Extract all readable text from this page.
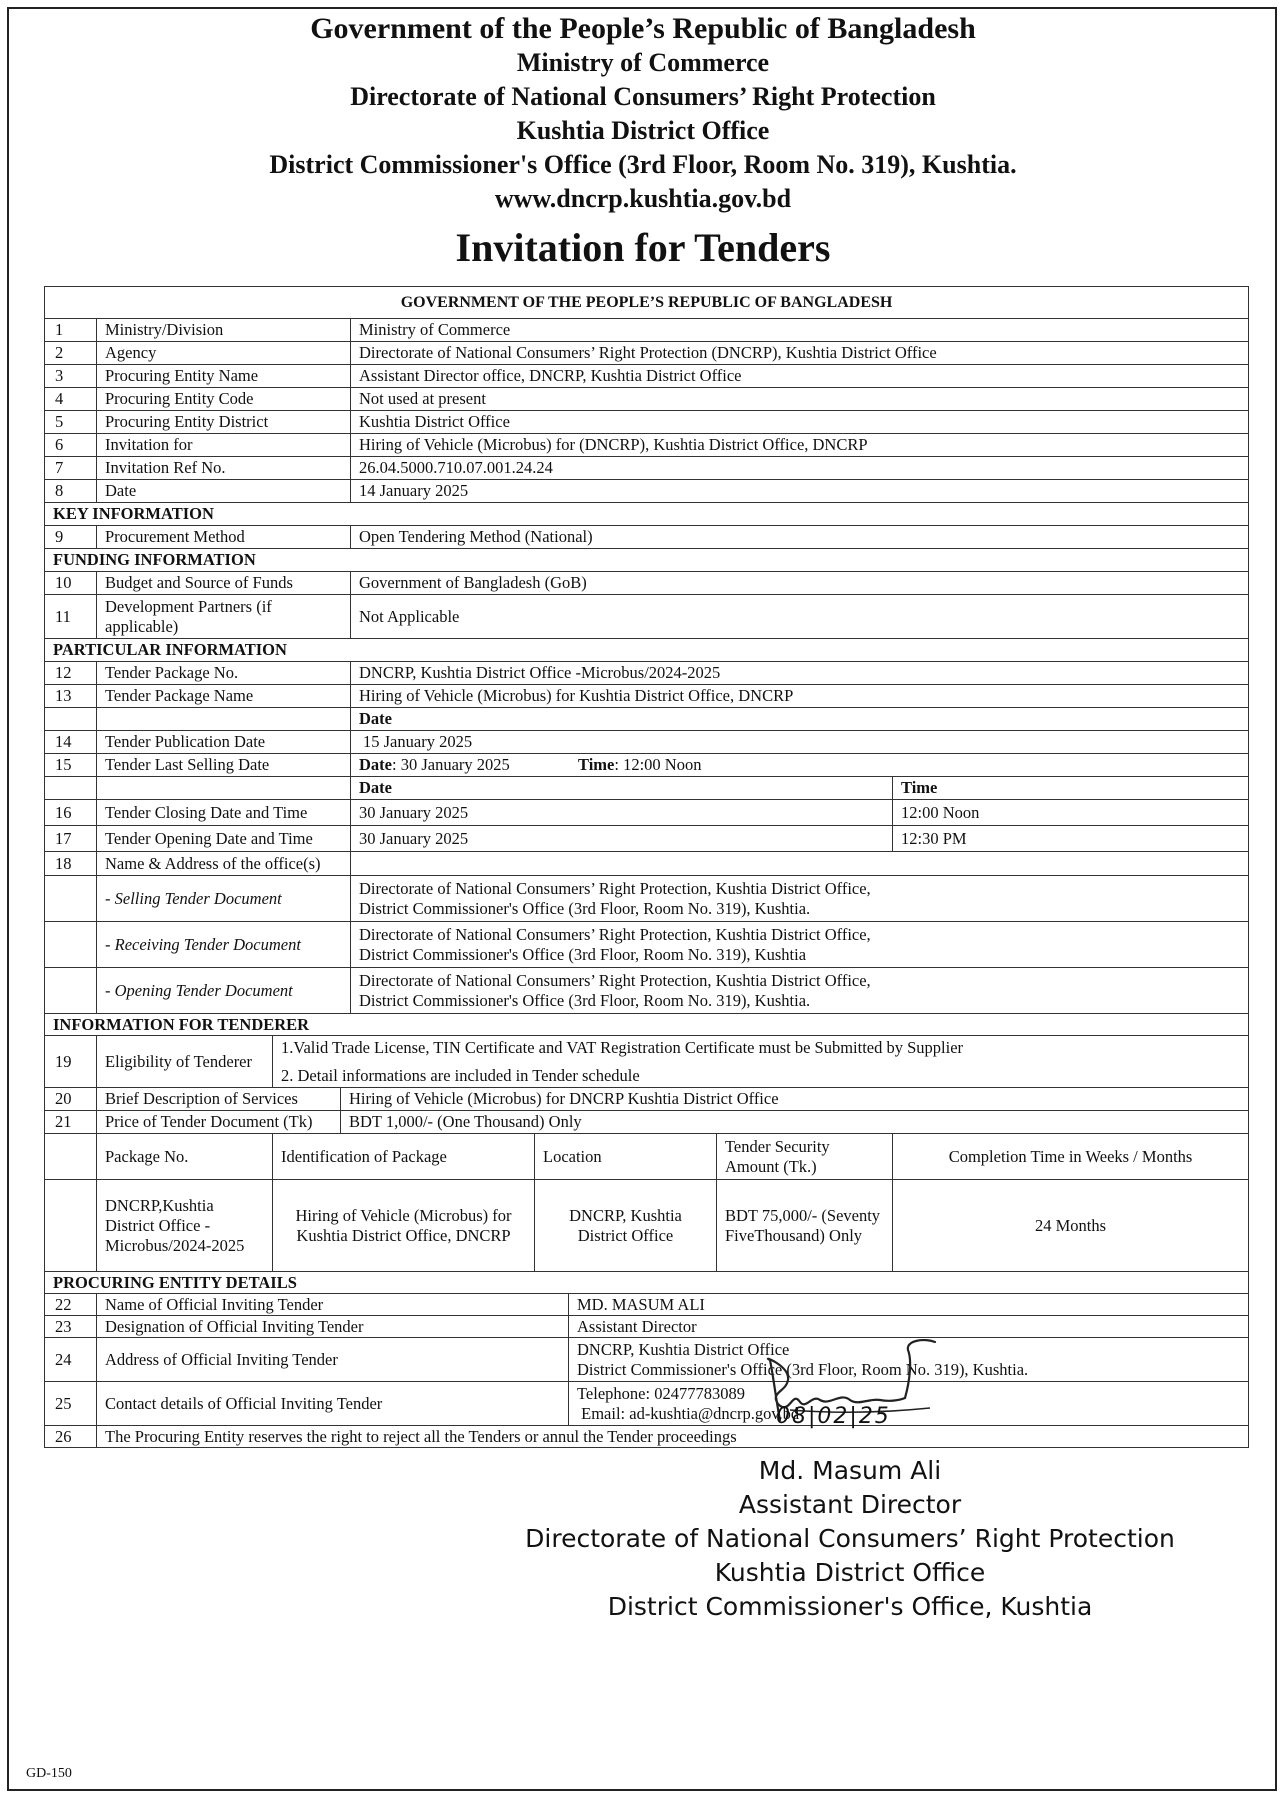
Government of the People’s Republic of Bangladesh
Ministry of Commerce
Directorate of National Consumers’ Right Protection
Kushtia District Office
District Commissioner's Office (3rd Floor, Room No. 319), Kushtia.
www.dncrp.kushtia.gov.bd
Invitation for Tenders
GOVERNMENT OF THE PEOPLE’S REPUBLIC OF BANGLADESH								
1	Ministry/Division			Ministry of Commerce				
2	Agency			Directorate of National Consumers’ Right Protection (DNCRP), Kushtia District Office				
3	Procuring Entity Name			Assistant Director office, DNCRP, Kushtia District Office				
4	Procuring Entity Code			Not used at present				
5	Procuring Entity District			Kushtia District Office				
6	Invitation for			Hiring of Vehicle (Microbus) for (DNCRP), Kushtia District Office, DNCRP				
7	Invitation Ref No.			26.04.5000.710.07.001.24.24				
8	Date			14 January 2025				
KEY INFORMATION								
9	Procurement Method			Open Tendering Method (National)				
FUNDING INFORMATION								
10	Budget and Source of Funds			Government of Bangladesh (GoB)				
11	Development Partners (if applicable)			Not Applicable				
PARTICULAR INFORMATION								
12	Tender Package No.			DNCRP, Kushtia District Office -Microbus/2024-2025				
13	Tender Package Name			Hiring of Vehicle (Microbus) for Kushtia District Office, DNCRP				
				Date				
14	Tender Publication Date			15 January 2025				
15	Tender Last Selling Date			Date: 30 January 2025 Time: 12:00 Noon				
				Date				Time
16	Tender Closing Date and Time			30 January 2025				12:00 Noon
17	Tender Opening Date and Time			30 January 2025				12:30 PM
18	Name & Address of the office(s)							
	- Selling Tender Document			Directorate of National Consumers’ Right Protection, Kushtia District Office,
District Commissioner's Office (3rd Floor, Room No. 319), Kushtia.				

	- Receiving Tender Document			Directorate of National Consumers’ Right Protection, Kushtia District Office,
District Commissioner's Office (3rd Floor, Room No. 319), Kushtia				

	- Opening Tender Document			Directorate of National Consumers’ Right Protection, Kushtia District Office,
District Commissioner's Office (3rd Floor, Room No. 319), Kushtia.				

INFORMATION FOR TENDERER								
19	Eligibility of Tenderer	1.Valid Trade License, TIN Certificate and VAT Registration Certificate must be Submitted by Supplier
2. Detail informations are included in Tender schedule						

20	Brief Description of Services		Hiring of Vehicle (Microbus) for DNCRP Kushtia District Office					
21	Price of Tender Document (Tk)		BDT 1,000/- (One Thousand) Only					
	Package No.	Identification of Package			Location		Tender Security Amount (Tk.)	Completion Time in Weeks / Months
	DNCRP,Kushtia District Office - Microbus/2024-2025	Hiring of Vehicle (Microbus) for Kushtia District Office, DNCRP			DNCRP, Kushtia District Office		BDT 75,000/- (Seventy FiveThousand) Only	24 Months
PROCURING ENTITY DETAILS								
22	Name of Official Inviting Tender					MD. MASUM ALI		
23	Designation of Official Inviting Tender					Assistant Director		
24	Address of Official Inviting Tender					DNCRP, Kushtia District Office
District Commissioner's Office (3rd Floor, Room No. 319), Kushtia.		

25	Contact details of Official Inviting Tender					Telephone: 02477783089
Email: ad-kushtia@dncrp.gov.bd		

26	The Procuring Entity reserves the right to reject all the Tenders or annul the Tender proceedings							
08|02|25
Md. Masum Ali
Assistant Director
Directorate of National Consumers’ Right Protection
Kushtia District Office
District Commissioner's Office, Kushtia
GD-150
